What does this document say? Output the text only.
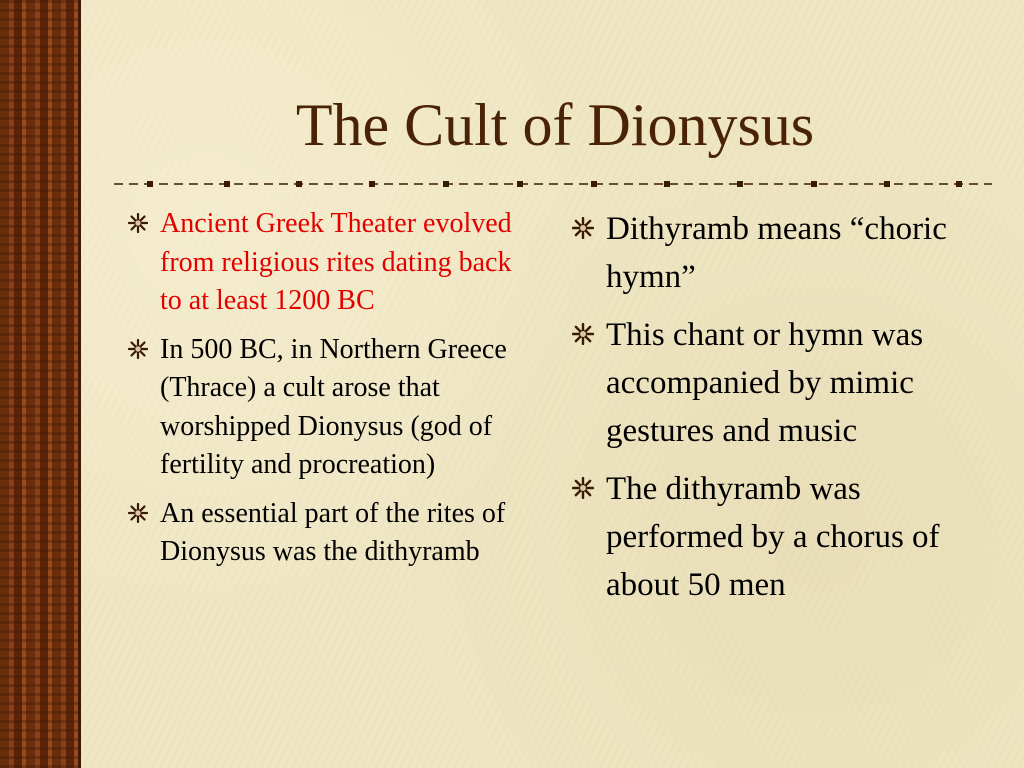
The Cult of Dionysus
Ancient Greek Theater evolved from religious rites dating back to at least 1200 BC
In 500 BC, in Northern Greece (Thrace) a cult arose that worshipped Dionysus (god of fertility and procreation)
An essential part of the rites of Dionysus was the dithyramb
Dithyramb means “choric hymn”
This chant or hymn was accompanied by mimic gestures and music
The dithyramb was performed by a chorus of about 50 men
